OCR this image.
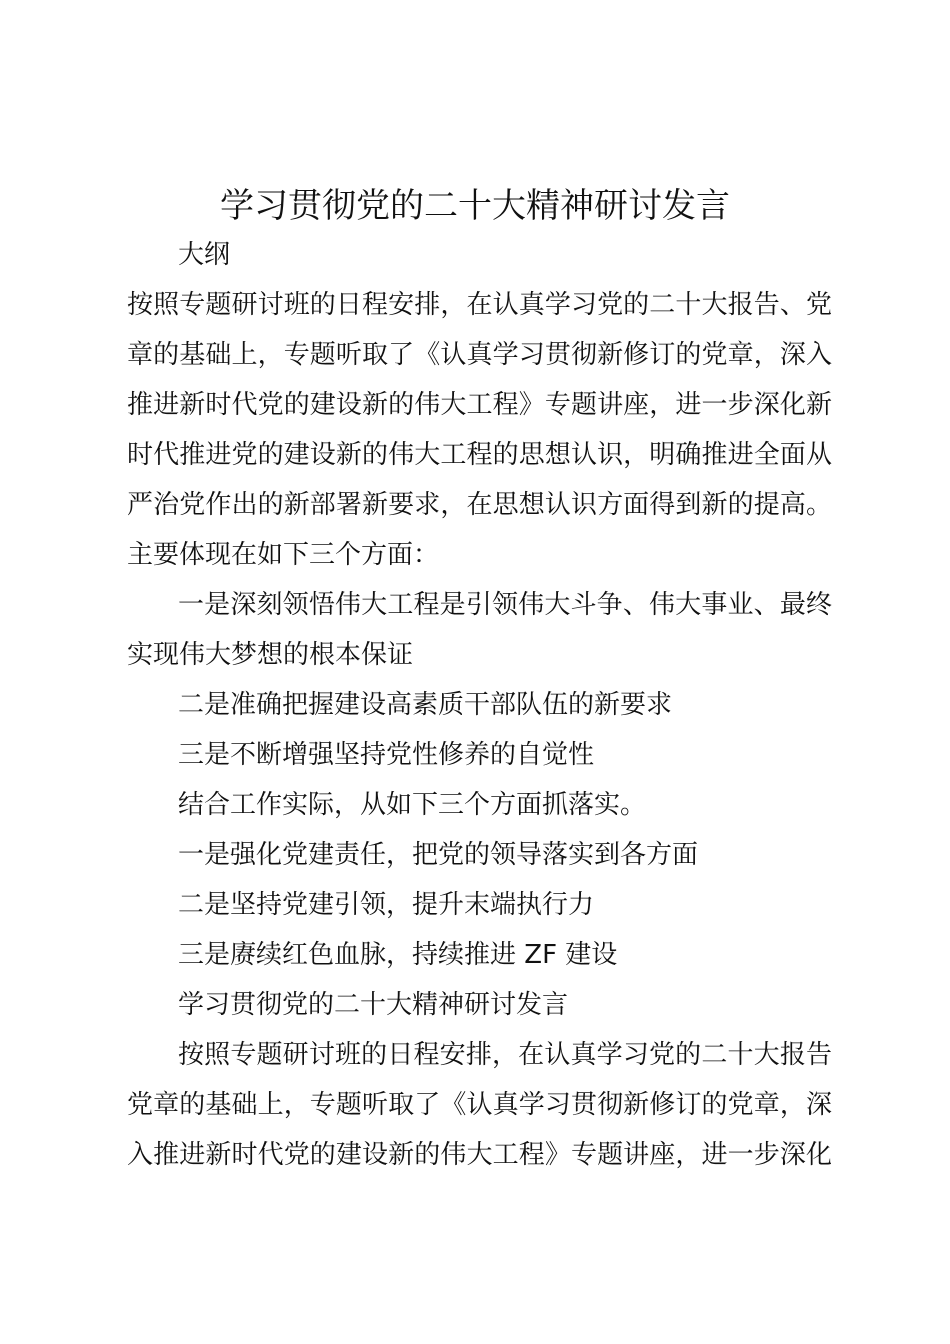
学习贯彻党的二十大精神研讨发言
大纲
按照专题研讨班的日程安排，在认真学习党的二十大报告、党
章的基础上，专题听取了《认真学习贯彻新修订的党章，深入
推进新时代党的建设新的伟大工程》专题讲座，进一步深化新
时代推进党的建设新的伟大工程的思想认识，明确推进全面从
严治党作出的新部署新要求，在思想认识方面得到新的提高。
主要体现在如下三个方面：
一是深刻领悟伟大工程是引领伟大斗争、伟大事业、最终
实现伟大梦想的根本保证
二是准确把握建设高素质干部队伍的新要求
三是不断增强坚持党性修养的自觉性
结合工作实际，从如下三个方面抓落实。
一是强化党建责任，把党的领导落实到各方面
二是坚持党建引领，提升末端执行力
三是赓续红色血脉，持续推进 ZF 建设
学习贯彻党的二十大精神研讨发言
按照专题研讨班的日程安排，在认真学习党的二十大报告
党章的基础上，专题听取了《认真学习贯彻新修订的党章，深
入推进新时代党的建设新的伟大工程》专题讲座，进一步深化
